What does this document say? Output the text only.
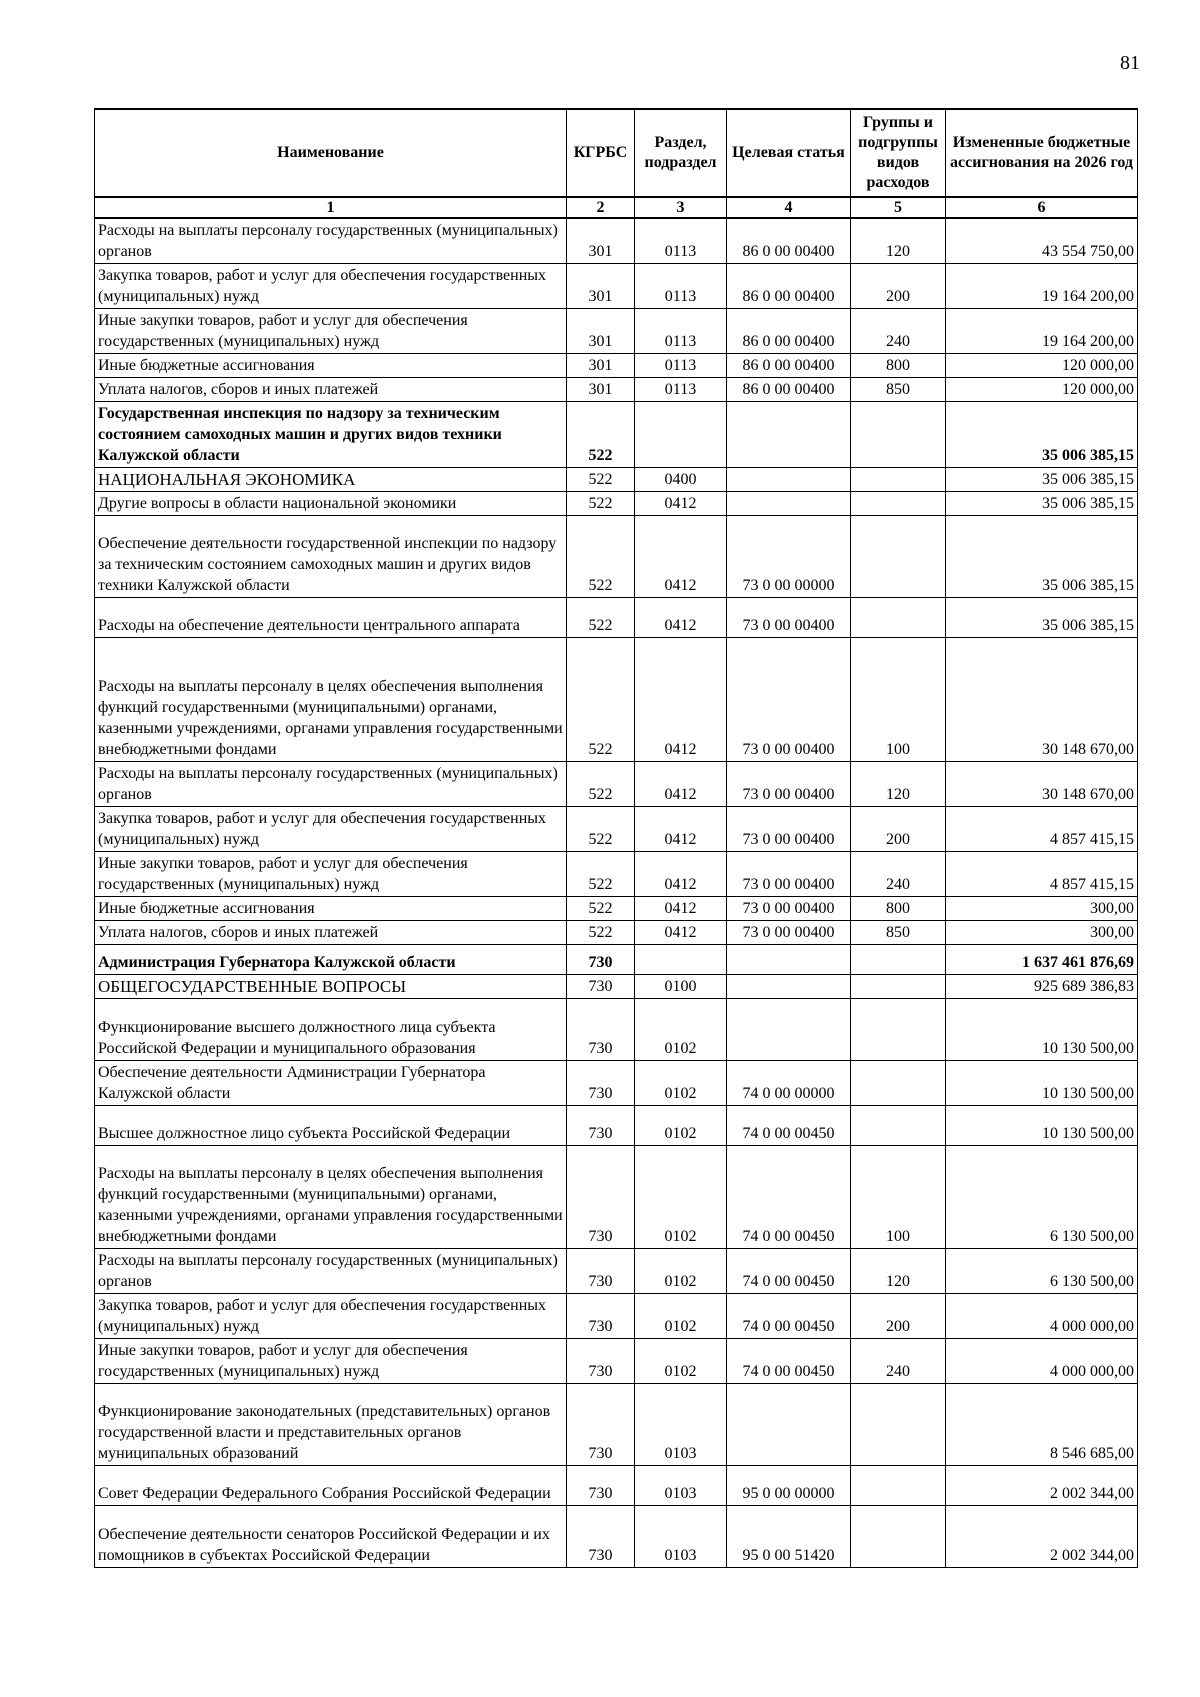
81
Наименование	КГРБС	Раздел, подраздел	Целевая статья	Группы и подгруппы видов расходов	Измененные бюджетные ассигнования на 2026 год
1	2	3	4	5	6
Расходы на выплаты персоналу государственных (муниципальных) органов	301	0113	86 0 00 00400	120	43 554 750,00
Закупка товаров, работ и услуг для обеспечения государственных (муниципальных) нужд	301	0113	86 0 00 00400	200	19 164 200,00
Иные закупки товаров, работ и услуг для обеспечения государственных (муниципальных) нужд	301	0113	86 0 00 00400	240	19 164 200,00
Иные бюджетные ассигнования	301	0113	86 0 00 00400	800	120 000,00
Уплата налогов, сборов и иных платежей	301	0113	86 0 00 00400	850	120 000,00
Государственная инспекция по надзору за техническим состоянием самоходных машин и других видов техники Калужской области	522				35 006 385,15
НАЦИОНАЛЬНАЯ ЭКОНОМИКА	522	0400			35 006 385,15
Другие вопросы в области национальной экономики	522	0412			35 006 385,15
Обеспечение деятельности государственной инспекции по надзору за техническим состоянием самоходных машин и других видов техники Калужской области	522	0412	73 0 00 00000		35 006 385,15
Расходы на обеспечение деятельности центрального аппарата	522	0412	73 0 00 00400		35 006 385,15
Расходы на выплаты персоналу в целях обеспечения выполнения функций государственными (муниципальными) органами, казенными учреждениями, органами управления государственными внебюджетными фондами	522	0412	73 0 00 00400	100	30 148 670,00
Расходы на выплаты персоналу государственных (муниципальных) органов	522	0412	73 0 00 00400	120	30 148 670,00
Закупка товаров, работ и услуг для обеспечения государственных (муниципальных) нужд	522	0412	73 0 00 00400	200	4 857 415,15
Иные закупки товаров, работ и услуг для обеспечения государственных (муниципальных) нужд	522	0412	73 0 00 00400	240	4 857 415,15
Иные бюджетные ассигнования	522	0412	73 0 00 00400	800	300,00
Уплата налогов, сборов и иных платежей	522	0412	73 0 00 00400	850	300,00
Администрация Губернатора Калужской области	730				1 637 461 876,69
ОБЩЕГОСУДАРСТВЕННЫЕ ВОПРОСЫ	730	0100			925 689 386,83
Функционирование высшего должностного лица субъекта Российской Федерации и муниципального образования	730	0102			10 130 500,00
Обеспечение деятельности Администрации Губернатора Калужской области	730	0102	74 0 00 00000		10 130 500,00
Высшее должностное лицо субъекта Российской Федерации	730	0102	74 0 00 00450		10 130 500,00
Расходы на выплаты персоналу в целях обеспечения выполнения функций государственными (муниципальными) органами, казенными учреждениями, органами управления государственными внебюджетными фондами	730	0102	74 0 00 00450	100	6 130 500,00
Расходы на выплаты персоналу государственных (муниципальных) органов	730	0102	74 0 00 00450	120	6 130 500,00
Закупка товаров, работ и услуг для обеспечения государственных (муниципальных) нужд	730	0102	74 0 00 00450	200	4 000 000,00
Иные закупки товаров, работ и услуг для обеспечения государственных (муниципальных) нужд	730	0102	74 0 00 00450	240	4 000 000,00
Функционирование законодательных (представительных) органов государственной власти и представительных органов муниципальных образований	730	0103			8 546 685,00
Совет Федерации Федерального Собрания Российской Федерации	730	0103	95 0 00 00000		2 002 344,00
Обеспечение деятельности сенаторов Российской Федерации и их помощников в субъектах Российской Федерации	730	0103	95 0 00 51420		2 002 344,00
